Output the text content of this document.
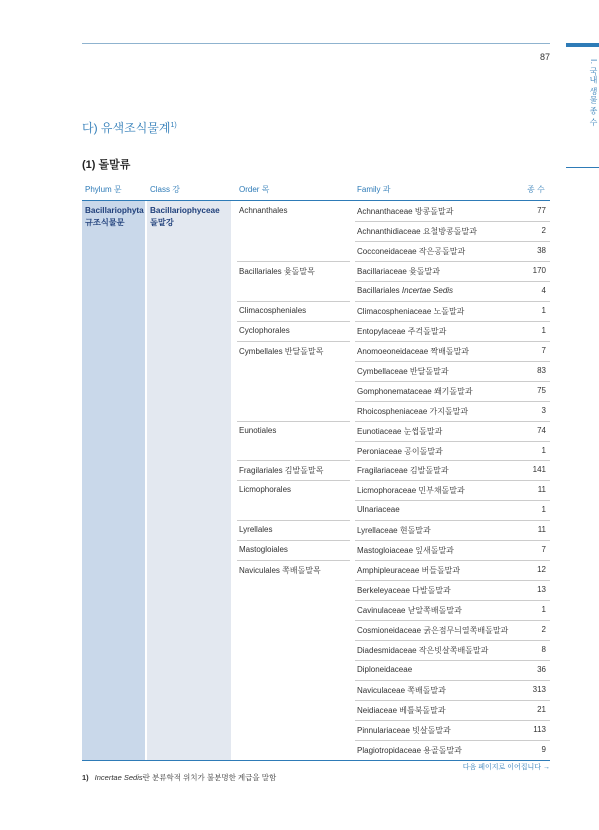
87
I. 국내 생물 종 수
다) 유색조식물계$^{1)}$
(1) 돌말류
Phylum 문	Class 강	Order 목	Family 과	종 수
Bacillariophyta
규조식물문
Bacillariophyceae
돌말강
Achnanthales	Achnanthaceae 방콩돌말과	77
Achnanthidiaceae 요철방콩돌말과	2
Cocconeidaceae 작은공돌말과	38
Bacillariales 윷돌말목	Bacillariaceae 윷돌말과	170
Bacillariales Incertae Sedis	4
Climacospheniales	Climacospheniaceae 노돌말과	1
Cyclophorales	Entopylaceae 주걱돌말과	1
Cymbellales 반달돌말목	Anomoeoneidaceae 짝배돌말과	7
Cymbellaceae 반달돌말과	83
Gomphonemataceae 쐐기돌말과	75
Rhoicospheniaceae 가지돌말과	3
Eunotiales	Eunotiaceae 눈썹돌말과	74
Peroniaceae 공이돌말과	1
Fragilariales 김발돌말목	Fragilariaceae 김발돌말과	141
Licmophorales	Licmophoraceae 민부채돌말과	11
Ulnariaceae	1
Lyrellales	Lyrellaceae 현돌말과	11
Mastogloiales	Mastogloiaceae 잎새돌말과	7
Naviculales 쪽배돌말목	Amphipleuraceae 버들돌말과	12
Berkeleyaceae 다발돌말과	13
Cavinulaceae 낟알쪽배돌말과	1
Cosmioneidaceae 굵은점무늬열쪽배돌말과	2
Diadesmidaceae 작은빗살쪽배돌말과	8
Diploneidaceae	36
Naviculaceae 쪽배돌말과	313
Neidiaceae 베틀북돌말과	21
Pinnulariaceae 빗살돌말과	113
Plagiotropidaceae 용골돌말과	9
다음 페이지로 이어집니다 →
1) Incertae Sedis란 분류학적 위치가 불분명한 계급을 말함
